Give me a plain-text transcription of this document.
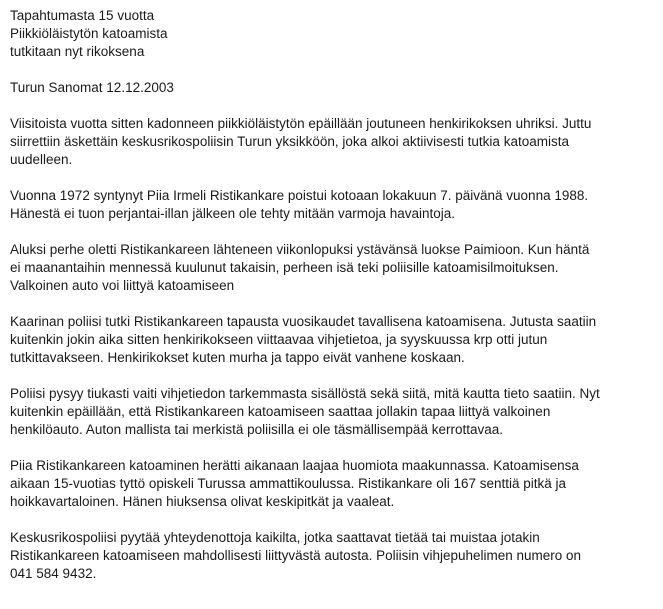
Tapahtumasta 15 vuotta
Piikkiöläistytön katoamista
tutkitaan nyt rikoksena
Turun Sanomat 12.12.2003
Viisitoista vuotta sitten kadonneen piikkiöläistytön epäillään joutuneen henkirikoksen uhriksi. Juttu
siirrettiin äskettäin keskusrikospoliisin Turun yksikköön, joka alkoi aktiivisesti tutkia katoamista
uudelleen.
Vuonna 1972 syntynyt Piia Irmeli Ristikankare poistui kotoaan lokakuun 7. päivänä vuonna 1988.
Hänestä ei tuon perjantai-illan jälkeen ole tehty mitään varmoja havaintoja.
Aluksi perhe oletti Ristikankareen lähteneen viikonlopuksi ystävänsä luokse Paimioon. Kun häntä
ei maanantaihin mennessä kuulunut takaisin, perheen isä teki poliisille katoamisilmoituksen.
Valkoinen auto voi liittyä katoamiseen
Kaarinan poliisi tutki Ristikankareen tapausta vuosikaudet tavallisena katoamisena. Jutusta saatiin
kuitenkin jokin aika sitten henkirikokseen viittaavaa vihjetietoa, ja syyskuussa krp otti jutun
tutkittavakseen. Henkirikokset kuten murha ja tappo eivät vanhene koskaan.
Poliisi pysyy tiukasti vaiti vihjetiedon tarkemmasta sisällöstä sekä siitä, mitä kautta tieto saatiin. Nyt
kuitenkin epäillään, että Ristikankareen katoamiseen saattaa jollakin tapaa liittyä valkoinen
henkilöauto. Auton mallista tai merkistä poliisilla ei ole täsmällisempää kerrottavaa.
Piia Ristikankareen katoaminen herätti aikanaan laajaa huomiota maakunnassa. Katoamisensa
aikaan 15-vuotias tyttö opiskeli Turussa ammattikoulussa. Ristikankare oli 167 senttiä pitkä ja
hoikkavartaloinen. Hänen hiuksensa olivat keskipitkät ja vaaleat.
Keskusrikospoliisi pyytää yhteydenottoja kaikilta, jotka saattavat tietää tai muistaa jotakin
Ristikankareen katoamiseen mahdollisesti liittyvästä autosta. Poliisin vihjepuhelimen numero on
041 584 9432.
